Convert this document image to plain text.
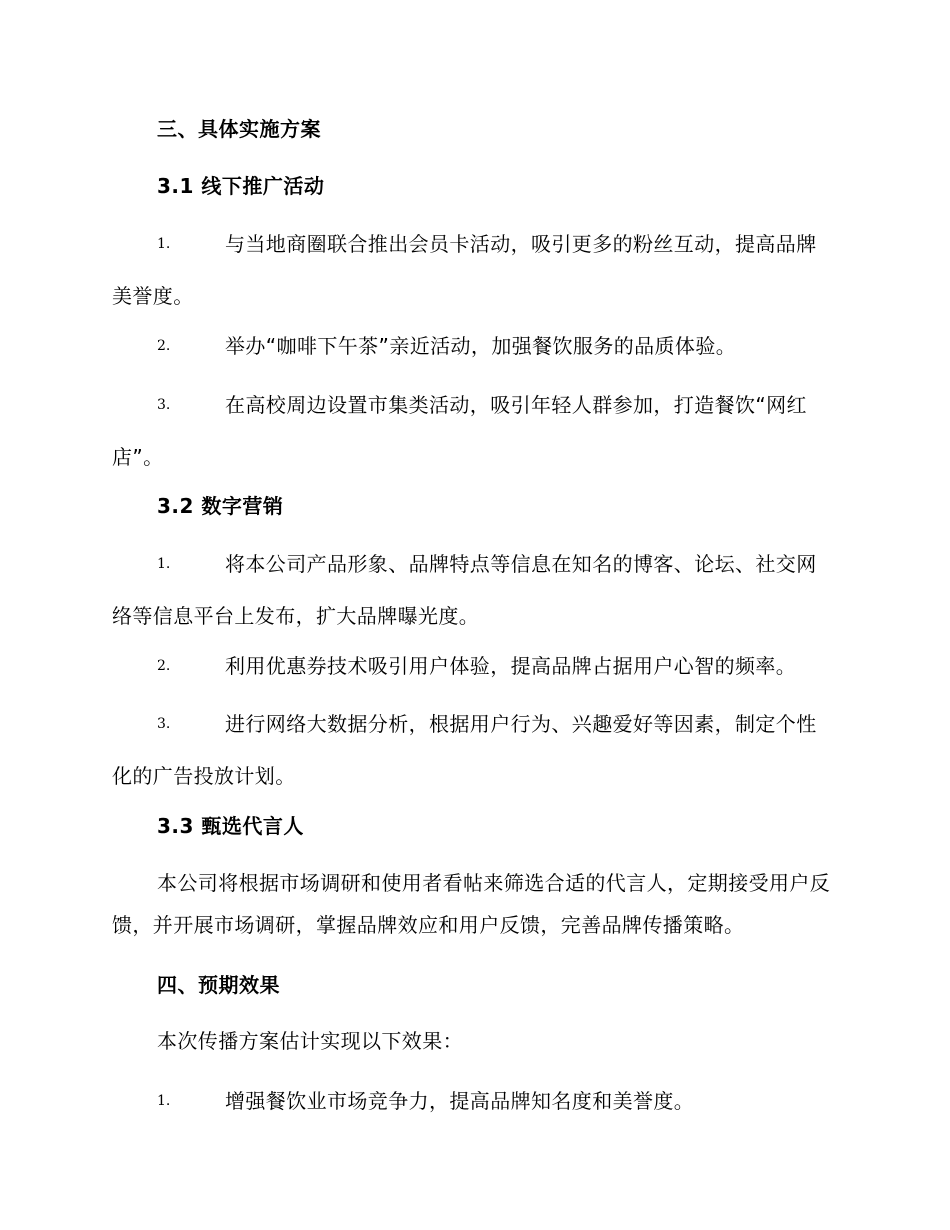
三、具体实施方案
3.1 线下推广活动
1.	与当地商圈联合推出会员卡活动，吸引更多的粉丝互动，提高品牌美誉度。
2.	举办“咖啡下午茶”亲近活动，加强餐饮服务的品质体验。
3.	在高校周边设置市集类活动，吸引年轻人群参加，打造餐饮“网红店”。
3.2 数字营销
1.	将本公司产品形象、品牌特点等信息在知名的博客、论坛、社交网络等信息平台上发布，扩大品牌曝光度。
2.	利用优惠券技术吸引用户体验，提高品牌占据用户心智的频率。
3.	进行网络大数据分析，根据用户行为、兴趣爱好等因素，制定个性化的广告投放计划。
3.3 甄选代言人
本公司将根据市场调研和使用者看帖来筛选合适的代言人，定期接受用户反馈，并开展市场调研，掌握品牌效应和用户反馈，完善品牌传播策略。
四、预期效果
本次传播方案估计实现以下效果：
1.	增强餐饮业市场竞争力，提高品牌知名度和美誉度。
